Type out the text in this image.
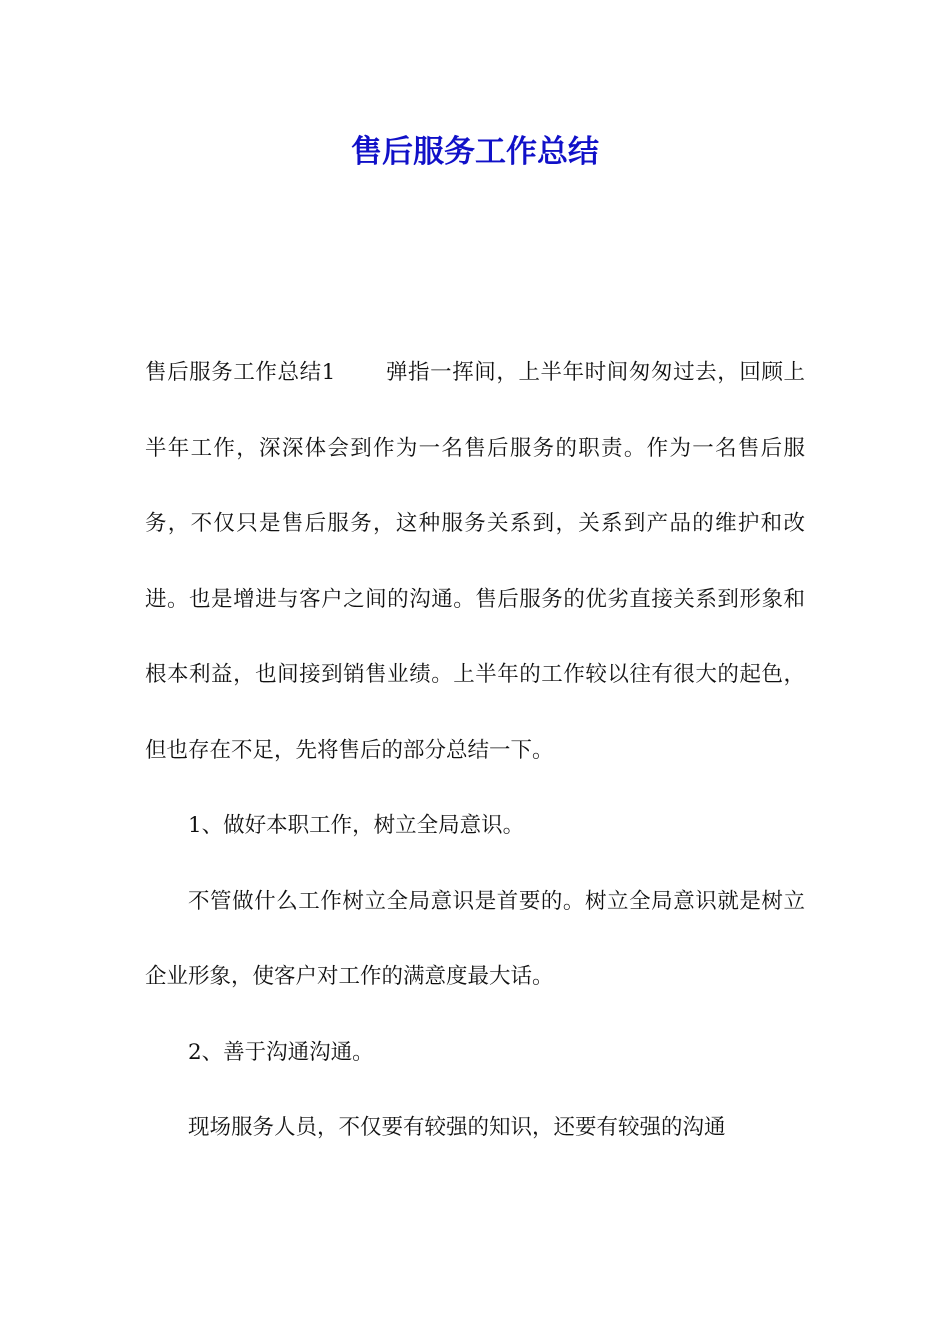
售后服务工作总结

售后服务工作总结1 弹指一挥间，上半年时间匆匆过去，回顾上半年工作，深深体会到作为一名售后服务的职责。作为一名售后服务，不仅只是售后服务，这种服务关系到，关系到产品的维护和改进。也是增进与客户之间的沟通。售后服务的优劣直接关系到形象和根本利益，也间接到销售业绩。上半年的工作较以往有很大的起色，但也存在不足，先将售后的部分总结一下。

1、做好本职工作，树立全局意识。

不管做什么工作树立全局意识是首要的。树立全局意识就是树立企业形象，使客户对工作的满意度最大话。

2、善于沟通沟通。

现场服务人员，不仅要有较强的知识，还要有较强的沟通
